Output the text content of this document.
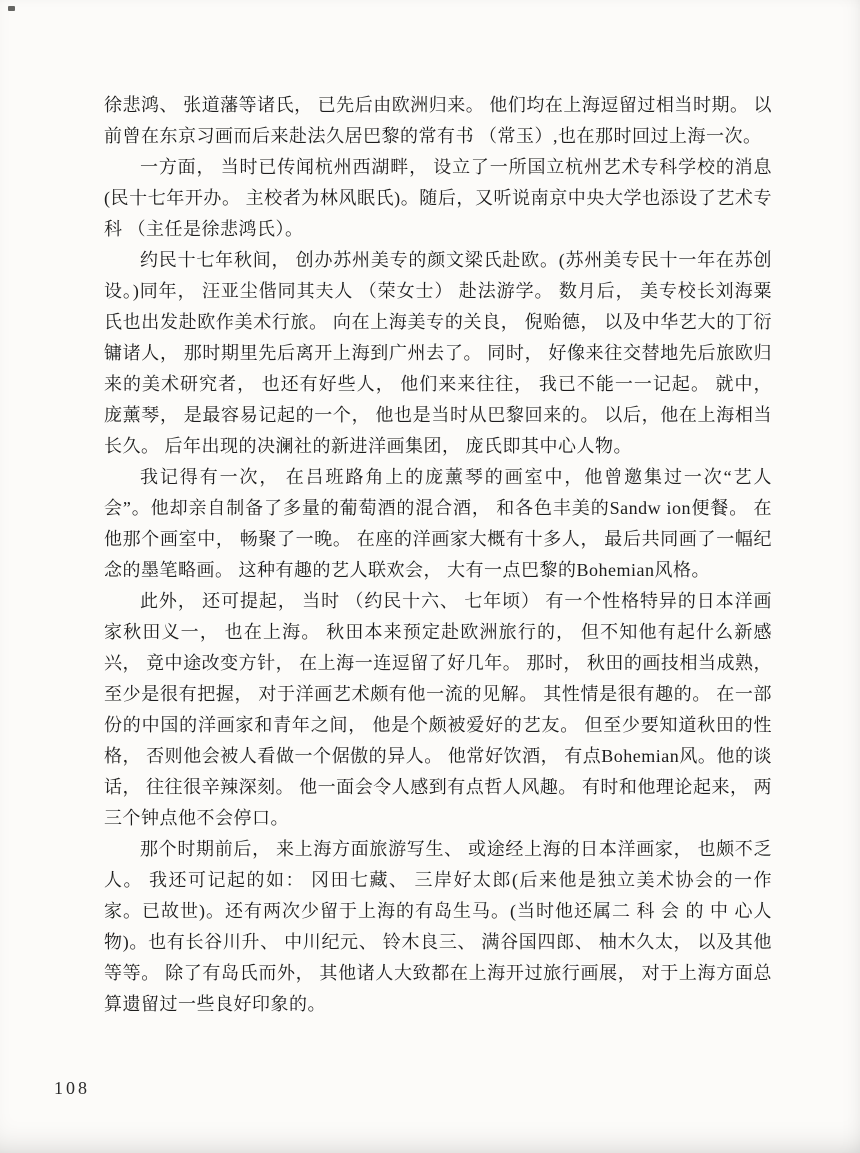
徐悲鸿、 张道藩等诸氏， 已先后由欧洲归来。 他们均在上海逗留过相当时期。 以前曾在东京习画而后来赴法久居巴黎的常有书 （常玉）,也在那时回过上海一次。

一方面， 当时已传闻杭州西湖畔， 设立了一所国立杭州艺术专科学校的消息(民十七年开办。 主校者为林风眠氏)。随后，又听说南京中央大学也添设了艺术专科 （主任是徐悲鸿氏）。

约民十七年秋间， 创办苏州美专的颜文梁氏赴欧。(苏州美专民十一年在苏创设。)同年， 汪亚尘偕同其夫人 （荣女士） 赴法游学。 数月后， 美专校长刘海粟氏也出发赴欧作美术行旅。 向在上海美专的关良， 倪贻德， 以及中华艺大的丁衍镛诸人， 那时期里先后离开上海到广州去了。 同时， 好像来往交替地先后旅欧归来的美术研究者， 也还有好些人， 他们来来往往， 我已不能一一记起。 就中， 庞薰琴， 是最容易记起的一个， 他也是当时从巴黎回来的。 以后，他在上海相当长久。 后年出现的决澜社的新进洋画集团， 庞氏即其中心人物。

我记得有一次， 在吕班路角上的庞薰琴的画室中，他曾邀集过一次“艺人会”。他却亲自制备了多量的葡萄酒的混合酒， 和各色丰美的Sandw ion便餐。 在他那个画室中， 畅聚了一晚。 在座的洋画家大概有十多人， 最后共同画了一幅纪念的墨笔略画。 这种有趣的艺人联欢会， 大有一点巴黎的Bohemian风格。

此外， 还可提起， 当时 （约民十六、 七年顷） 有一个性格特异的日本洋画家秋田义一， 也在上海。 秋田本来预定赴欧洲旅行的， 但不知他有起什么新感兴， 竟中途改变方针， 在上海一连逗留了好几年。 那时， 秋田的画技相当成熟， 至少是很有把握， 对于洋画艺术颇有他一流的见解。 其性情是很有趣的。 在一部份的中国的洋画家和青年之间， 他是个颇被爱好的艺友。 但至少要知道秋田的性格， 否则他会被人看做一个倨傲的异人。 他常好饮酒， 有点Bohemian风。他的谈话， 往往很辛辣深刻。 他一面会令人感到有点哲人风趣。 有时和他理论起来， 两三个钟点他不会停口。

那个时期前后， 来上海方面旅游写生、 或途经上海的日本洋画家， 也颇不乏人。 我还可记起的如： 冈田七藏、 三岸好太郎(后来他是独立美术协会的一作家。已故世)。还有两次少留于上海的有岛生马。(当时他还属二 科 会 的 中 心人物)。也有长谷川升、 中川纪元、 铃木良三、 满谷国四郎、 柚木久太， 以及其他等等。 除了有岛氏而外， 其他诸人大致都在上海开过旅行画展， 对于上海方面总算遗留过一些良好印象的。

108
